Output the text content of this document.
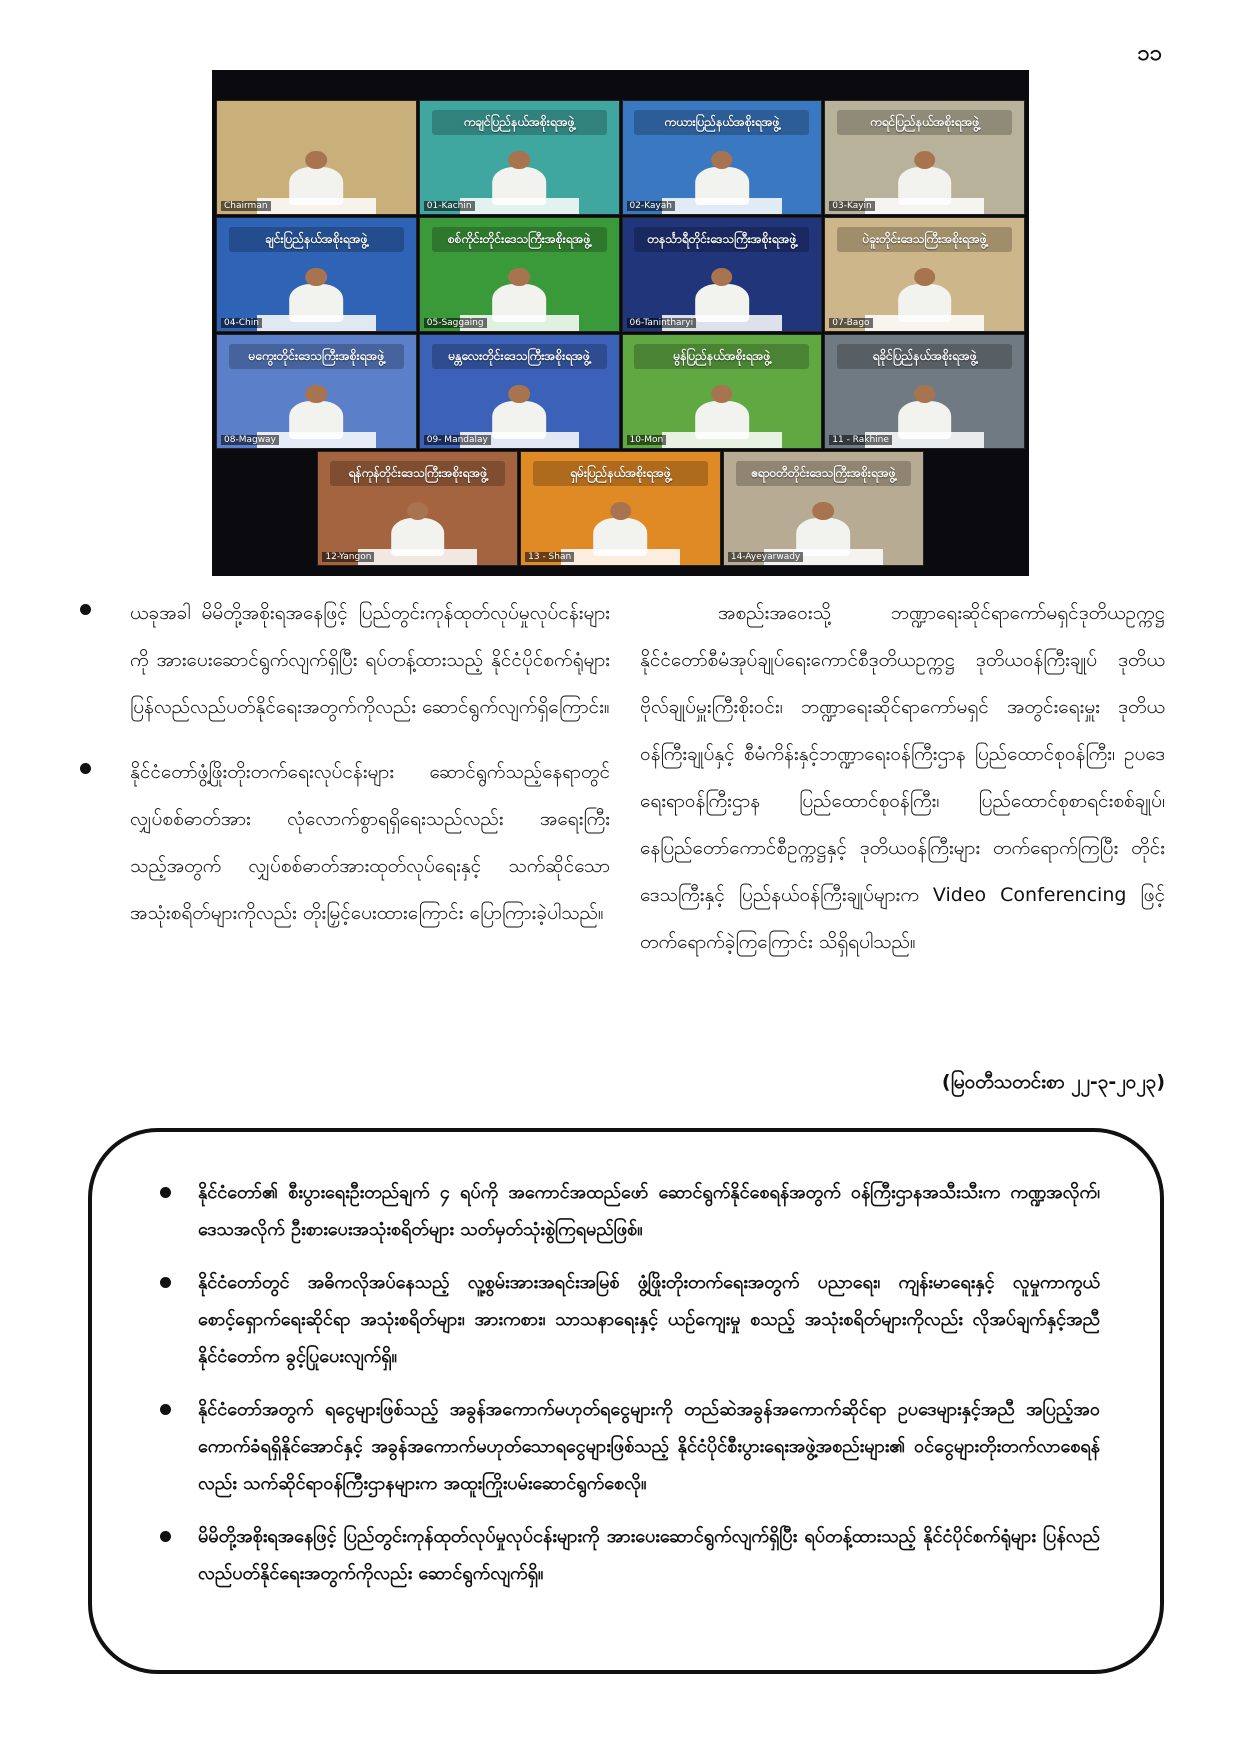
၁၁
Chairman
ကချင်ပြည်နယ်အစိုးရအဖွဲ့
01-Kachin
ကယားပြည်နယ်အစိုးရအဖွဲ့
02-Kayah
ကရင်ပြည်နယ်အစိုးရအဖွဲ့
03-Kayin
ချင်းပြည်နယ်အစိုးရအဖွဲ့
04-Chin
စစ်ကိုင်းတိုင်းဒေသကြီးအစိုးရအဖွဲ့
05-Saggaing
တနင်္သာရီတိုင်းဒေသကြီးအစိုးရအဖွဲ့
06-Tanintharyi
ပဲခူးတိုင်းဒေသကြီးအစိုးရအဖွဲ့
07-Bago
မကွေးတိုင်းဒေသကြီးအစိုးရအဖွဲ့
08-Magway
မန္တလေးတိုင်းဒေသကြီးအစိုးရအဖွဲ့
09- Mandalay
မွန်ပြည်နယ်အစိုးရအဖွဲ့
10-Mon
ရခိုင်ပြည်နယ်အစိုးရအဖွဲ့
11 - Rakhine
ရန်ကုန်တိုင်းဒေသကြီးအစိုးရအဖွဲ့
12-Yangon
ရှမ်းပြည်နယ်အစိုးရအဖွဲ့
13 - Shan
ဧရာဝတီတိုင်းဒေသကြီးအစိုးရအဖွဲ့
14-Ayeyarwady
ယခုအခါ မိမိတို့အစိုးရအနေဖြင့် ပြည်တွင်းကုန်ထုတ်လုပ်မှုလုပ်ငန်းများကို အားပေးဆောင်ရွက်လျက်ရှိပြီး ရပ်တန့်ထားသည့် နိုင်ငံပိုင်စက်ရုံများ ပြန်လည်လည်ပတ်နိုင်ရေးအတွက်ကိုလည်း ဆောင်ရွက်လျက်ရှိကြောင်း။
နိုင်ငံတော်ဖွံ့ဖြိုးတိုးတက်ရေးလုပ်ငန်းများ ဆောင်ရွက်သည့်နေရာတွင် လျှပ်စစ်ဓာတ်အား လုံလောက်စွာရရှိရေးသည်လည်း အရေးကြီးသည့်အတွက် လျှပ်စစ်ဓာတ်အားထုတ်လုပ်ရေးနှင့် သက်ဆိုင်သောအသုံးစရိတ်များကိုလည်း တိုးမြှင့်ပေးထားကြောင်း ပြောကြားခဲ့ပါသည်။
အစည်းအဝေးသို့ ဘဏ္ဍာရေးဆိုင်ရာကော်မရှင်ဒုတိယဥက္ကဋ္ဌ နိုင်ငံတော်စီမံအုပ်ချုပ်ရေးကောင်စီဒုတိယဥက္ကဋ္ဌ ဒုတိယဝန်ကြီးချုပ် ဒုတိယဗိုလ်ချုပ်မှူးကြီးစိုးဝင်း၊ ဘဏ္ဍာရေးဆိုင်ရာကော်မရှင် အတွင်းရေးမှူး ဒုတိယဝန်ကြီးချုပ်နှင့် စီမံကိန်းနှင့်ဘဏ္ဍာရေးဝန်ကြီးဌာန ပြည်ထောင်စုဝန်ကြီး၊ ဥပဒေရေးရာဝန်ကြီးဌာန ပြည်ထောင်စုဝန်ကြီး၊ ပြည်ထောင်စုစာရင်းစစ်ချုပ်၊ နေပြည်တော်ကောင်စီဥက္ကဋ္ဌနှင့် ဒုတိယဝန်ကြီးများ တက်ရောက်ကြပြီး တိုင်းဒေသကြီးနှင့် ပြည်နယ်ဝန်ကြီးချုပ်များက Video Conferencing ဖြင့် တက်ရောက်ခဲ့ကြကြောင်း သိရှိရပါသည်။
(မြဝတီသတင်းစာ ၂၂-၃-၂၀၂၃)
နိုင်ငံတော်၏ စီးပွားရေးဦးတည်ချက် ၄ ရပ်ကို အကောင်အထည်ဖော် ဆောင်ရွက်နိုင်စေရန်အတွက် ဝန်ကြီးဌာနအသီးသီးက ကဏ္ဍအလိုက်၊ ဒေသအလိုက် ဦးစားပေးအသုံးစရိတ်များ သတ်မှတ်သုံးစွဲကြရမည်ဖြစ်။
နိုင်ငံတော်တွင် အဓိကလိုအပ်နေသည့် လူ့စွမ်းအားအရင်းအမြစ် ဖွံ့ဖြိုးတိုးတက်ရေးအတွက် ပညာရေး၊ ကျန်းမာရေးနှင့် လူမှုကာကွယ်စောင့်ရှောက်ရေးဆိုင်ရာ အသုံးစရိတ်များ၊ အားကစား၊ သာသနာရေးနှင့် ယဉ်ကျေးမှု စသည့် အသုံးစရိတ်များကိုလည်း လိုအပ်ချက်နှင့်အညီ နိုင်ငံတော်က ခွင့်ပြုပေးလျက်ရှိ။
နိုင်ငံတော်အတွက် ရငွေများဖြစ်သည့် အခွန်အကောက်မဟုတ်ရငွေများကို တည်ဆဲအခွန်အကောက်ဆိုင်ရာ ဥပဒေများနှင့်အညီ အပြည့်အဝ ကောက်ခံရရှိနိုင်အောင်နှင့် အခွန်အကောက်မဟုတ်သောရငွေများဖြစ်သည့် နိုင်ငံပိုင်စီးပွားရေးအဖွဲ့အစည်းများ၏ ဝင်ငွေများတိုးတက်လာစေရန်လည်း သက်ဆိုင်ရာဝန်ကြီးဌာနများက အထူးကြိုးပမ်းဆောင်ရွက်စေလို။
မိမိတို့အစိုးရအနေဖြင့် ပြည်တွင်းကုန်ထုတ်လုပ်မှုလုပ်ငန်းများကို အားပေးဆောင်ရွက်လျက်ရှိပြီး ရပ်တန့်ထားသည့် နိုင်ငံပိုင်စက်ရုံများ ပြန်လည်လည်ပတ်နိုင်ရေးအတွက်ကိုလည်း ဆောင်ရွက်လျက်ရှိ။
